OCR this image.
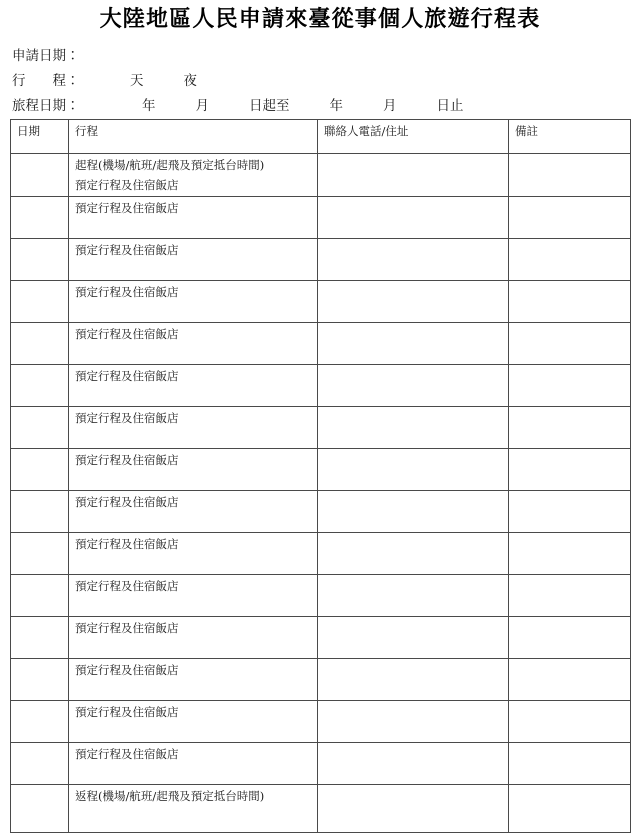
大陸地區人民申請來臺從事個人旅遊行程表
申請日期：
行　　程：	天	夜
旅程日期：	年	月	日起至	年	月	日止
日期	行程	聯絡人電話/住址	備註

	起程(機場/航班/起飛及預定抵台時間)
預定行程及住宿飯店		

	預定行程及住宿飯店		

	預定行程及住宿飯店		

	預定行程及住宿飯店		

	預定行程及住宿飯店		

	預定行程及住宿飯店		

	預定行程及住宿飯店		

	預定行程及住宿飯店		

	預定行程及住宿飯店		

	預定行程及住宿飯店		

	預定行程及住宿飯店		

	預定行程及住宿飯店		

	預定行程及住宿飯店		

	預定行程及住宿飯店		

	預定行程及住宿飯店		

	返程(機場/航班/起飛及預定抵台時間)		
